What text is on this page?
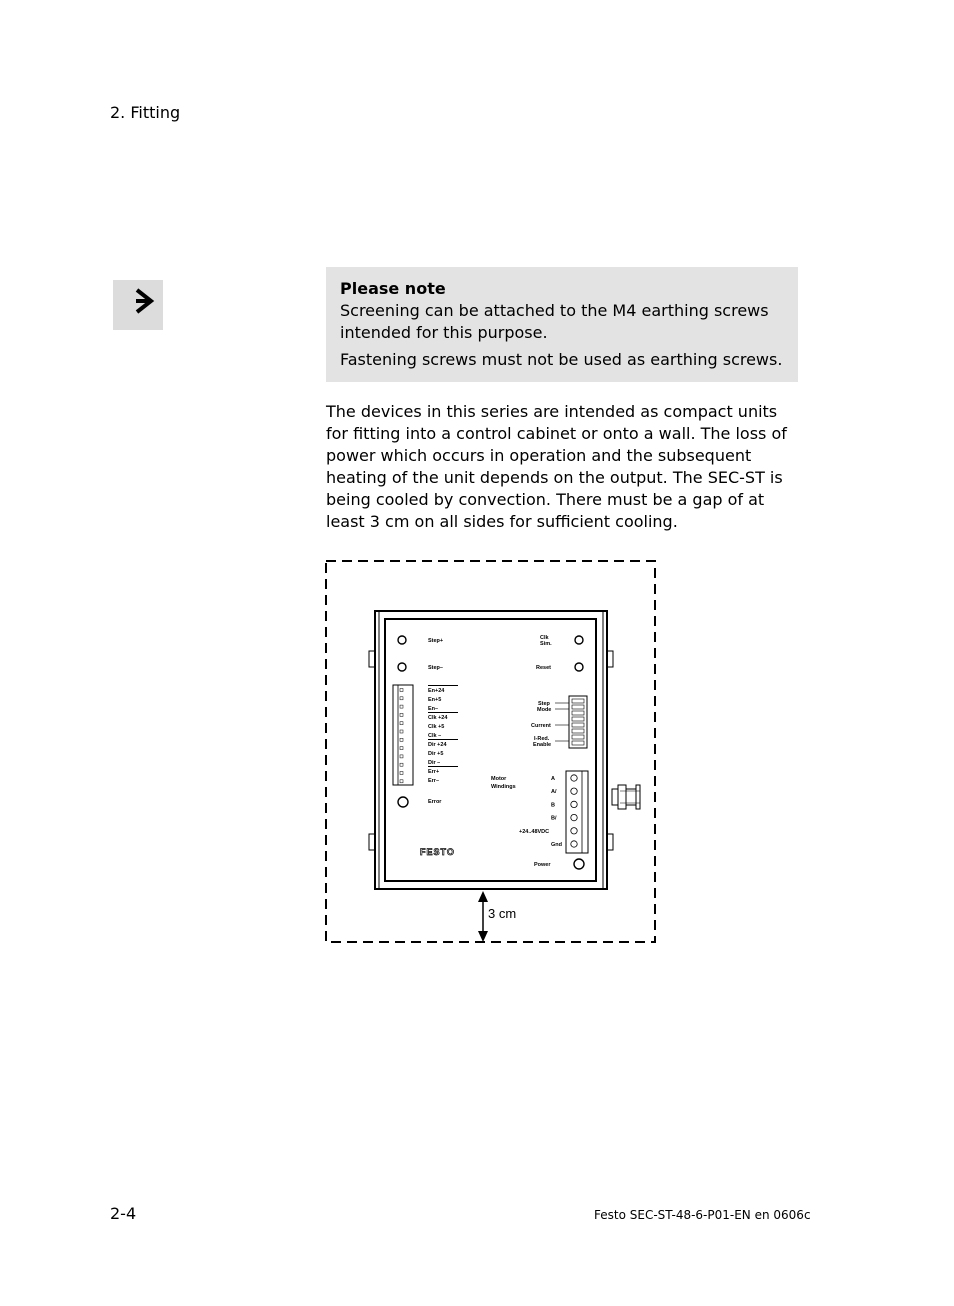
2. Fitting
Please note
Screening can be attached to the M4 earthing screws intended for this purpose.
Fastening screws must not be used as earthing screws.
The devices in this series are intended as compact units for fitting into a control cabinet or onto a wall. The loss of power which occurs in operation and the subsequent heating of the unit depends on the output. The SEC-ST is being cooled by convection. There must be a gap of at least 3 cm on all sides for sufficient cooling.
Step+
Step–
Clk Sim.
Reset
En+24
En+5
En–
Clk +24
Clk +5
Clk –
Dir +24
Dir +5
Dir –
Err+
Err–
Error
Step Mode
Current
I-Red. Enable
A
A/
B
B/
+24..48VDC
Gnd
Motor Windings
FESTO
Power
3 cm
2-4	Festo SEC-ST-48-6-P01-EN en 0606c
